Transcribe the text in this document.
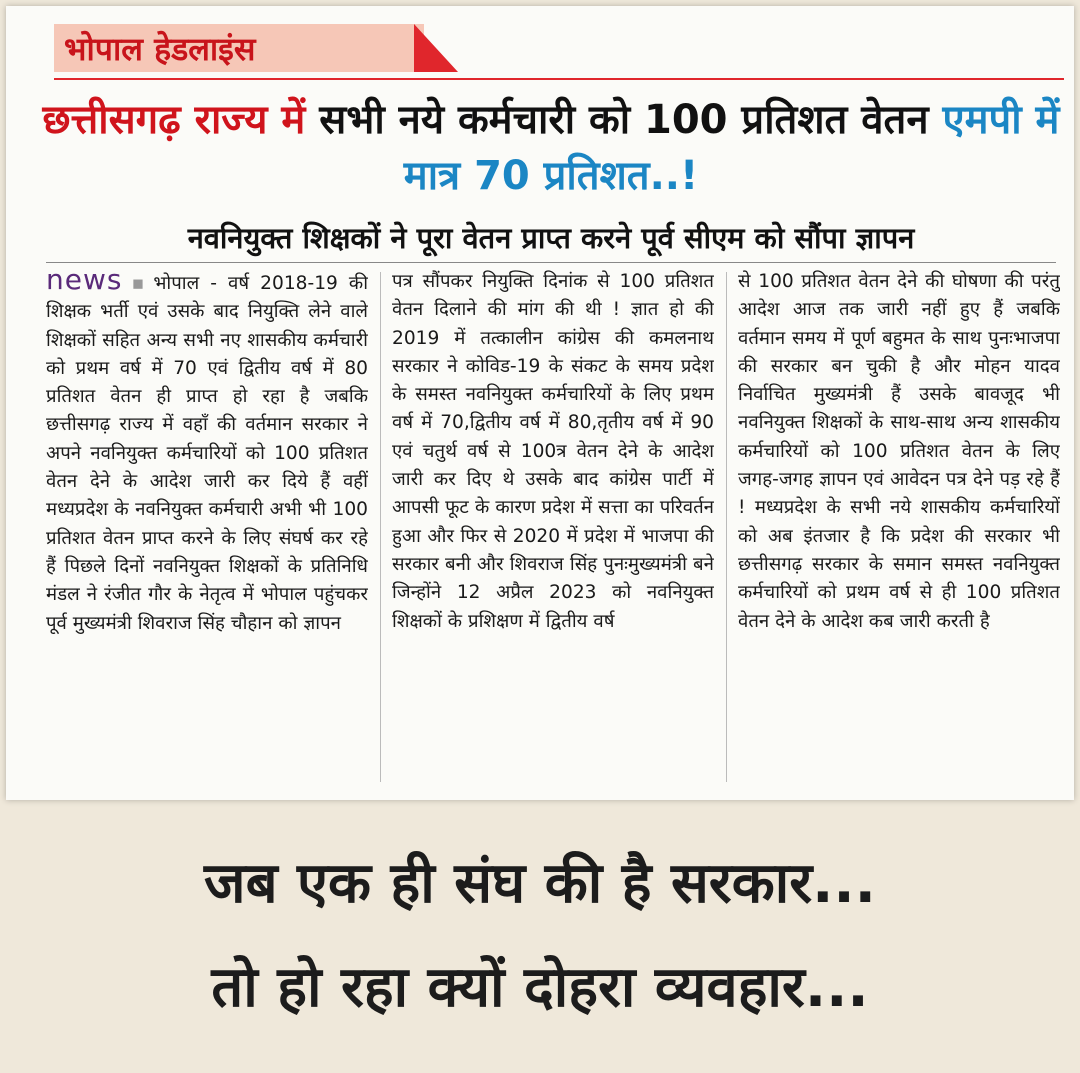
भोपाल हेडलाइंस
छत्तीसगढ़ राज्य में सभी नये कर्मचारी को 100 प्रतिशत वेतन एमपी में मात्र 70 प्रतिशत..!
नवनियुक्त शिक्षकों ने पूरा वेतन प्राप्त करने पूर्व सीएम को सौंपा ज्ञापन
news ▪ भोपाल - वर्ष 2018-19 की शिक्षक भर्ती एवं उसके बाद नियुक्ति लेने वाले शिक्षकों सहित अन्य सभी नए शासकीय कर्मचारी को प्रथम वर्ष में 70 एवं द्वितीय वर्ष में 80 प्रतिशत वेतन ही प्राप्त हो रहा है जबकि छत्तीसगढ़ राज्य में वहाँ की वर्तमान सरकार ने अपने नवनियुक्त कर्मचारियों को 100 प्रतिशत वेतन देने के आदेश जारी कर दिये हैं वहीं मध्यप्रदेश के नवनियुक्त कर्मचारी अभी भी 100 प्रतिशत वेतन प्राप्त करने के लिए संघर्ष कर रहे हैं पिछले दिनों नवनियुक्त शिक्षकों के प्रतिनिधि मंडल ने रंजीत गौर के नेतृत्व में भोपाल पहुंचकर पूर्व मुख्यमंत्री शिवराज सिंह चौहान को ज्ञापन
पत्र सौंपकर नियुक्ति दिनांक से 100 प्रतिशत वेतन दिलाने की मांग की थी ! ज्ञात हो की 2019 में तत्कालीन कांग्रेस की कमलनाथ सरकार ने कोविड-19 के संकट के समय प्रदेश के समस्त नवनियुक्त कर्मचारियों के लिए प्रथम वर्ष में 70,द्वितीय वर्ष में 80,तृतीय वर्ष में 90 एवं चतुर्थ वर्ष से 100त्र वेतन देने के आदेश जारी कर दिए थे उसके बाद कांग्रेस पार्टी में आपसी फूट के कारण प्रदेश में सत्ता का परिवर्तन हुआ और फिर से 2020 में प्रदेश में भाजपा की सरकार बनी और शिवराज सिंह पुनःमुख्यमंत्री बने जिन्होंने 12 अप्रैल 2023 को नवनियुक्त शिक्षकों के प्रशिक्षण में द्वितीय वर्ष
से 100 प्रतिशत वेतन देने की घोषणा की परंतु आदेश आज तक जारी नहीं हुए हैं जबकि वर्तमान समय में पूर्ण बहुमत के साथ पुनःभाजपा की सरकार बन चुकी है और मोहन यादव निर्वाचित मुख्यमंत्री हैं उसके बावजूद भी नवनियुक्त शिक्षकों के साथ-साथ अन्य शासकीय कर्मचारियों को 100 प्रतिशत वेतन के लिए जगह-जगह ज्ञापन एवं आवेदन पत्र देने पड़ रहे हैं ! मध्यप्रदेश के सभी नये शासकीय कर्मचारियों को अब इंतजार है कि प्रदेश की सरकार भी छत्तीसगढ़ सरकार के समान समस्त नवनियुक्त कर्मचारियों को प्रथम वर्ष से ही 100 प्रतिशत वेतन देने के आदेश कब जारी करती है
जब एक ही संघ की है सरकार...
तो हो रहा क्यों दोहरा व्यवहार...
